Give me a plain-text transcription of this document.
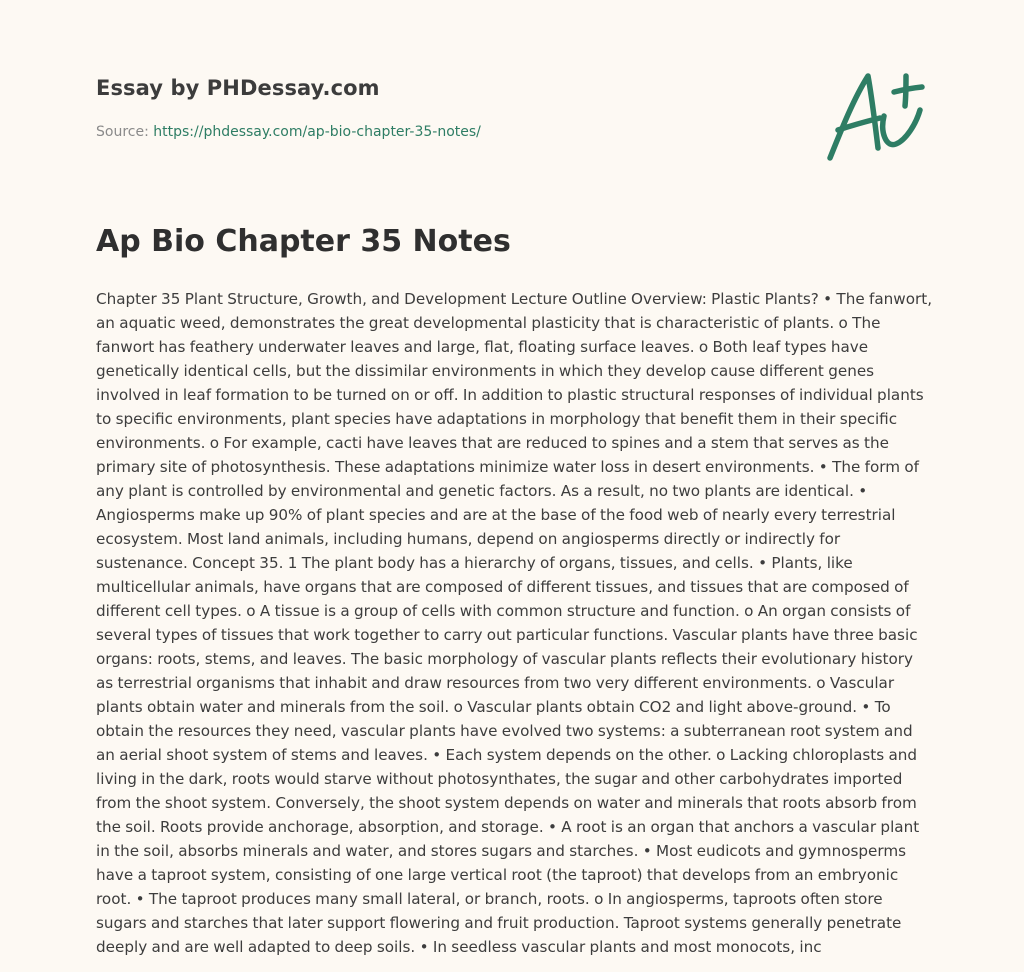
Essay by PHDessay.com
Source: https://phdessay.com/ap-bio-chapter-35-notes/
Ap Bio Chapter 35 Notes

Chapter 35 Plant Structure, Growth, and Development Lecture Outline Overview: Plastic Plants? • The fanwort, an aquatic weed, demonstrates the great developmental plasticity that is characteristic of plants. o The fanwort has feathery underwater leaves and large, flat, floating surface leaves. o Both leaf types have genetically identical cells, but the dissimilar environments in which they develop cause different genes involved in leaf formation to be turned on or off. In addition to plastic structural responses of individual plants to specific environments, plant species have adaptations in morphology that benefit them in their specific environments. o For example, cacti have leaves that are reduced to spines and a stem that serves as the primary site of photosynthesis. These adaptations minimize water loss in desert environments. • The form of any plant is controlled by environmental and genetic factors. As a result, no two plants are identical. • Angiosperms make up 90% of plant species and are at the base of the food web of nearly every terrestrial ecosystem. Most land animals, including humans, depend on angiosperms directly or indirectly for sustenance. Concept 35. 1 The plant body has a hierarchy of organs, tissues, and cells. • Plants, like multicellular animals, have organs that are composed of different tissues, and tissues that are composed of different cell types. o A tissue is a group of cells with common structure and function. o An organ consists of several types of tissues that work together to carry out particular functions. Vascular plants have three basic organs: roots, stems, and leaves. The basic morphology of vascular plants reflects their evolutionary history as terrestrial organisms that inhabit and draw resources from two very different environments. o Vascular plants obtain water and minerals from the soil. o Vascular plants obtain CO2 and light above-ground. • To obtain the resources they need, vascular plants have evolved two systems: a subterranean root system and an aerial shoot system of stems and leaves. • Each system depends on the other. o Lacking chloroplasts and living in the dark, roots would starve without photosynthates, the sugar and other carbohydrates imported from the shoot system. Conversely, the shoot system depends on water and minerals that roots absorb from the soil. Roots provide anchorage, absorption, and storage. • A root is an organ that anchors a vascular plant in the soil, absorbs minerals and water, and stores sugars and starches. • Most eudicots and gymnosperms have a taproot system, consisting of one large vertical root (the taproot) that develops from an embryonic root. • The taproot produces many small lateral, or branch, roots. o In angiosperms, taproots often store sugars and starches that later support flowering and fruit production. Taproot systems generally penetrate deeply and are well adapted to deep soils. • In seedless vascular plants and most monocots, inc
